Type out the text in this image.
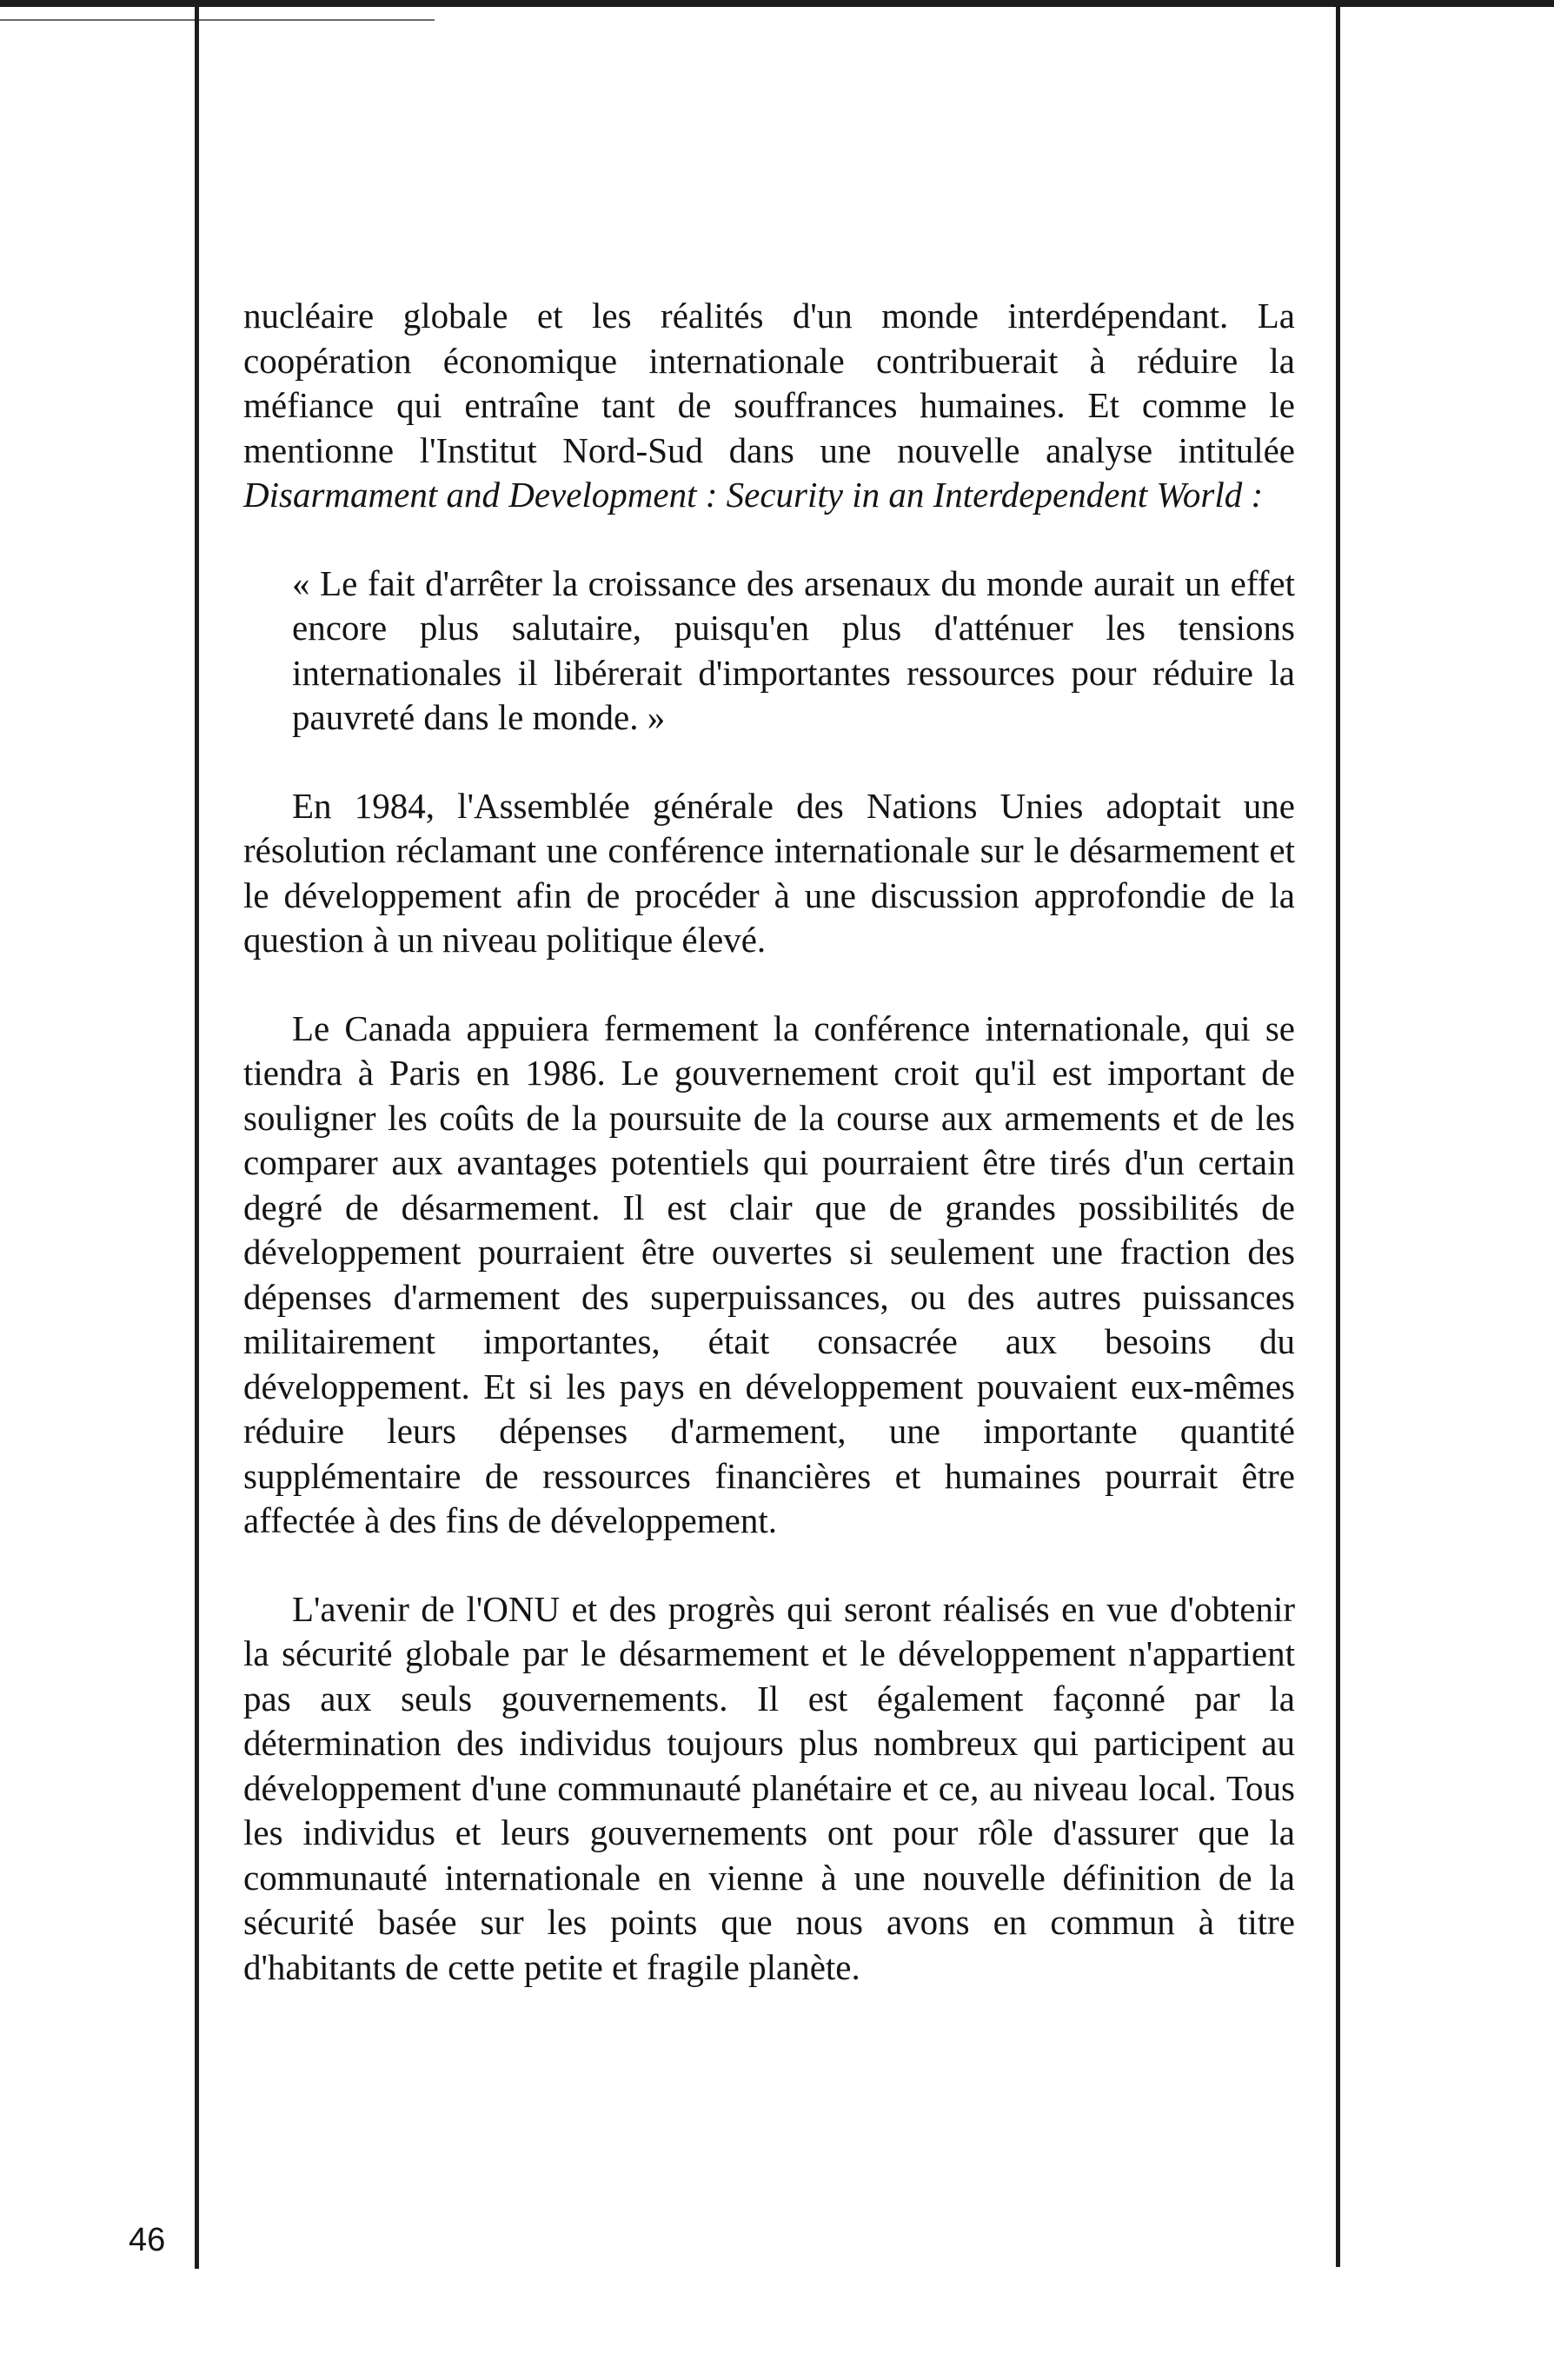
nucléaire globale et les réalités d'un monde interdépendant. La coopération économique internationale contribuerait à réduire la méfiance qui entraîne tant de souffrances humaines. Et comme le mentionne l'Institut Nord-Sud dans une nouvelle analyse intitulée Disarmament and Development : Security in an Interdependent World :

« Le fait d'arrêter la croissance des arsenaux du monde aurait un effet encore plus salutaire, puisqu'en plus d'atténuer les tensions internationales il libérerait d'importantes ressources pour réduire la pauvreté dans le monde. »

En 1984, l'Assemblée générale des Nations Unies adoptait une résolution réclamant une conférence internationale sur le désarmement et le développement afin de procéder à une discussion approfondie de la question à un niveau politique élevé.

Le Canada appuiera fermement la conférence internationale, qui se tiendra à Paris en 1986. Le gouvernement croit qu'il est important de souligner les coûts de la poursuite de la course aux armements et de les comparer aux avantages potentiels qui pourraient être tirés d'un certain degré de désarmement. Il est clair que de grandes possibilités de développement pourraient être ouvertes si seulement une fraction des dépenses d'armement des superpuissances, ou des autres puissances militairement importantes, était consacrée aux besoins du développement. Et si les pays en développement pouvaient eux-mêmes réduire leurs dépenses d'armement, une importante quantité supplémentaire de ressources financières et humaines pourrait être affectée à des fins de développement.

L'avenir de l'ONU et des progrès qui seront réalisés en vue d'obtenir la sécurité globale par le désarmement et le développement n'appartient pas aux seuls gouvernements. Il est également façonné par la détermination des individus toujours plus nombreux qui participent au développement d'une communauté planétaire et ce, au niveau local. Tous les individus et leurs gouvernements ont pour rôle d'assurer que la communauté internationale en vienne à une nouvelle définition de la sécurité basée sur les points que nous avons en commun à titre d'habitants de cette petite et fragile planète.

46
